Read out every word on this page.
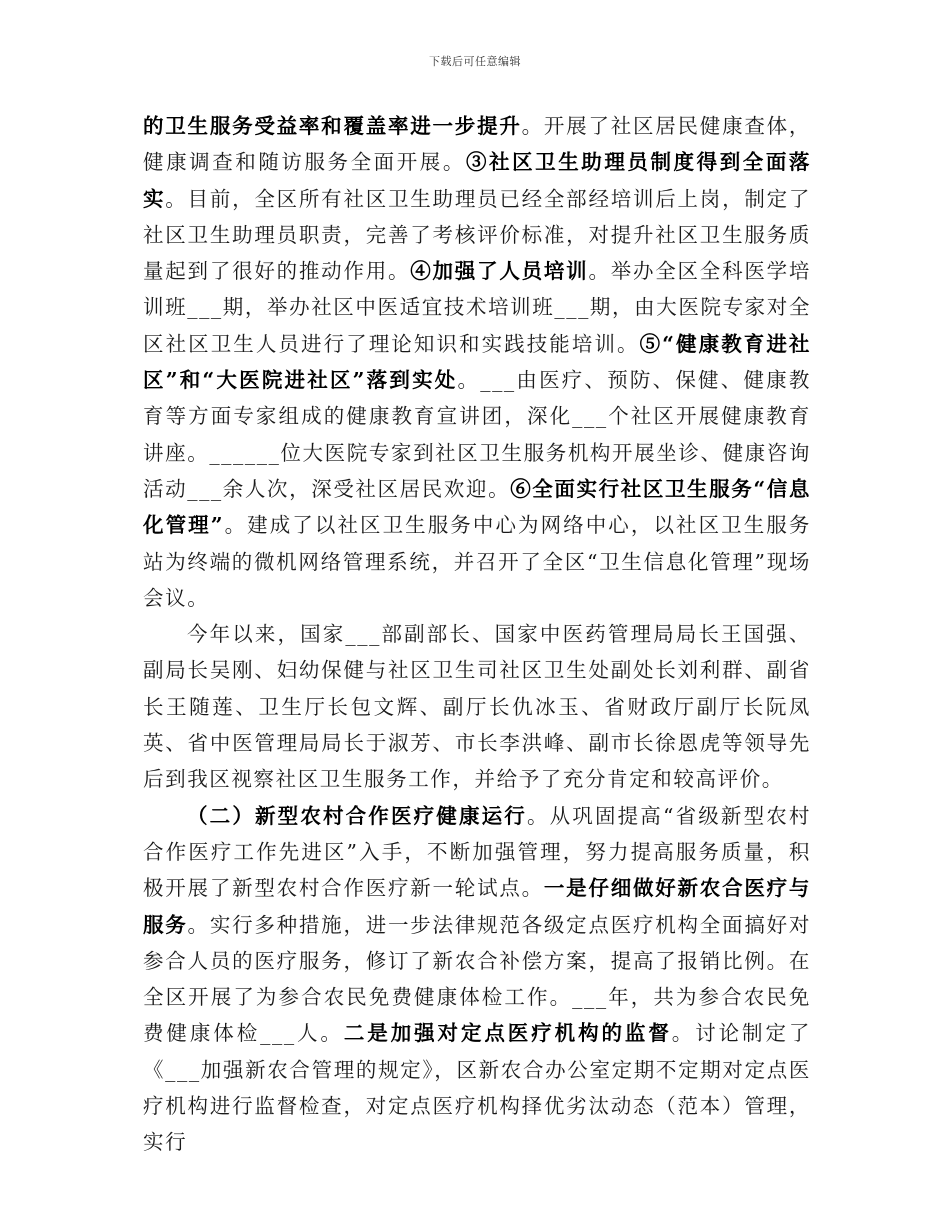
下载后可任意编辑

的卫生服务受益率和覆盖率进一步提升。开展了社区居民健康查体，健康调查和随访服务全面开展。③社区卫生助理员制度得到全面落实。目前，全区所有社区卫生助理员已经全部经培训后上岗，制定了社区卫生助理员职责，完善了考核评价标准，对提升社区卫生服务质量起到了很好的推动作用。④加强了人员培训。举办全区全科医学培训班___期，举办社区中医适宜技术培训班___期，由大医院专家对全区社区卫生人员进行了理论知识和实践技能培训。⑤“健康教育进社区”和“大医院进社区”落到实处。___由医疗、预防、保健、健康教育等方面专家组成的健康教育宣讲团，深化___个社区开展健康教育讲座。______位大医院专家到社区卫生服务机构开展坐诊、健康咨询活动___余人次，深受社区居民欢迎。⑥全面实行社区卫生服务“信息化管理”。建成了以社区卫生服务中心为网络中心，以社区卫生服务站为终端的微机网络管理系统，并召开了全区“卫生信息化管理”现场会议。

今年以来，国家___部副部长、国家中医药管理局局长王国强、副局长吴刚、妇幼保健与社区卫生司社区卫生处副处长刘利群、副省长王随莲、卫生厅长包文辉、副厅长仇冰玉、省财政厅副厅长阮凤英、省中医管理局局长于淑芳、市长李洪峰、副市长徐恩虎等领导先后到我区视察社区卫生服务工作，并给予了充分肯定和较高评价。

（二）新型农村合作医疗健康运行。从巩固提高“省级新型农村合作医疗工作先进区”入手，不断加强管理，努力提高服务质量，积极开展了新型农村合作医疗新一轮试点。一是仔细做好新农合医疗与服务。实行多种措施，进一步法律规范各级定点医疗机构全面搞好对参合人员的医疗服务，修订了新农合补偿方案，提高了报销比例。在全区开展了为参合农民免费健康体检工作。___年，共为参合农民免费健康体检___人。二是加强对定点医疗机构的监督。讨论制定了《___加强新农合管理的规定》，区新农合办公室定期不定期对定点医疗机构进行监督检查，对定点医疗机构择优劣汰动态（范本）管理，实行
